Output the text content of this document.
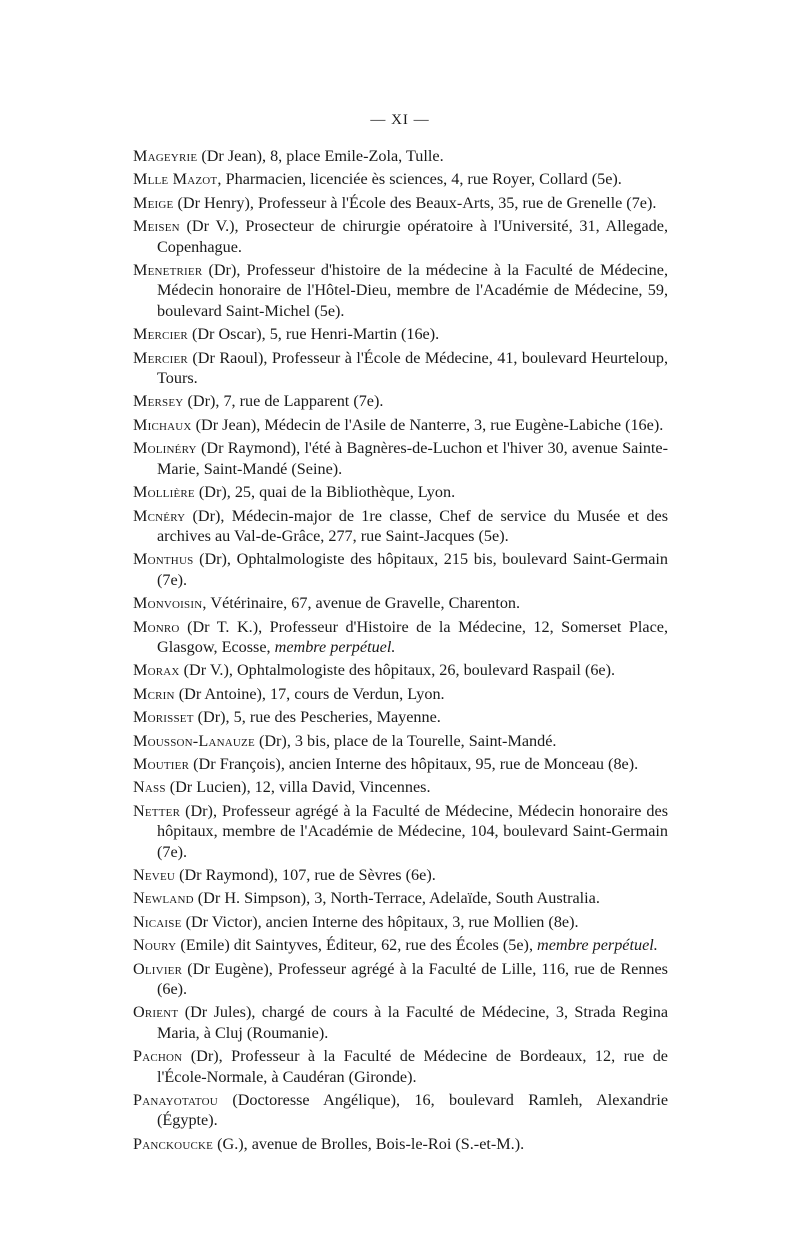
— XI —
Mageyrie (Dr Jean), 8, place Emile-Zola, Tulle.
Mlle Mazot, Pharmacien, licenciée ès sciences, 4, rue Royer, Collard (5e).
Meige (Dr Henry), Professeur à l'École des Beaux-Arts, 35, rue de Grenelle (7e).
Meisen (Dr V.), Prosecteur de chirurgie opératoire à l'Université, 31, Allegade, Copenhague.
Menetrier (Dr), Professeur d'histoire de la médecine à la Faculté de Médecine, Médecin honoraire de l'Hôtel-Dieu, membre de l'Académie de Médecine, 59, boulevard Saint-Michel (5e).
Mercier (Dr Oscar), 5, rue Henri-Martin (16e).
Mercier (Dr Raoul), Professeur à l'École de Médecine, 41, boulevard Heurteloup, Tours.
Mersey (Dr), 7, rue de Lapparent (7e).
Michaux (Dr Jean), Médecin de l'Asile de Nanterre, 3, rue Eugène-Labiche (16e).
Molinéry (Dr Raymond), l'été à Bagnères-de-Luchon et l'hiver 30, avenue Sainte-Marie, Saint-Mandé (Seine).
Mollière (Dr), 25, quai de la Bibliothèque, Lyon.
Mcnéry (Dr), Médecin-major de 1re classe, Chef de service du Musée et des archives au Val-de-Grâce, 277, rue Saint-Jacques (5e).
Monthus (Dr), Ophtalmologiste des hôpitaux, 215 bis, boulevard Saint-Germain (7e).
Monvoisin, Vétérinaire, 67, avenue de Gravelle, Charenton.
Monro (Dr T. K.), Professeur d'Histoire de la Médecine, 12, Somerset Place, Glasgow, Ecosse, membre perpétuel.
Morax (Dr V.), Ophtalmologiste des hôpitaux, 26, boulevard Raspail (6e).
Mcrin (Dr Antoine), 17, cours de Verdun, Lyon.
Morisset (Dr), 5, rue des Pescheries, Mayenne.
Mousson-Lanauze (Dr), 3 bis, place de la Tourelle, Saint-Mandé.
Moutier (Dr François), ancien Interne des hôpitaux, 95, rue de Monceau (8e).
Nass (Dr Lucien), 12, villa David, Vincennes.
Netter (Dr), Professeur agrégé à la Faculté de Médecine, Médecin honoraire des hôpitaux, membre de l'Académie de Médecine, 104, boulevard Saint-Germain (7e).
Neveu (Dr Raymond), 107, rue de Sèvres (6e).
Newland (Dr H. Simpson), 3, North-Terrace, Adelaïde, South Australia.
Nicaise (Dr Victor), ancien Interne des hôpitaux, 3, rue Mollien (8e).
Noury (Emile) dit Saintyves, Éditeur, 62, rue des Écoles (5e), membre perpétuel.
Olivier (Dr Eugène), Professeur agrégé à la Faculté de Lille, 116, rue de Rennes (6e).
Orient (Dr Jules), chargé de cours à la Faculté de Médecine, 3, Strada Regina Maria, à Cluj (Roumanie).
Pachon (Dr), Professeur à la Faculté de Médecine de Bordeaux, 12, rue de l'École-Normale, à Caudéran (Gironde).
Panayotatou (Doctoresse Angélique), 16, boulevard Ramleh, Alexandrie (Égypte).
Panckoucke (G.), avenue de Brolles, Bois-le-Roi (S.-et-M.).
